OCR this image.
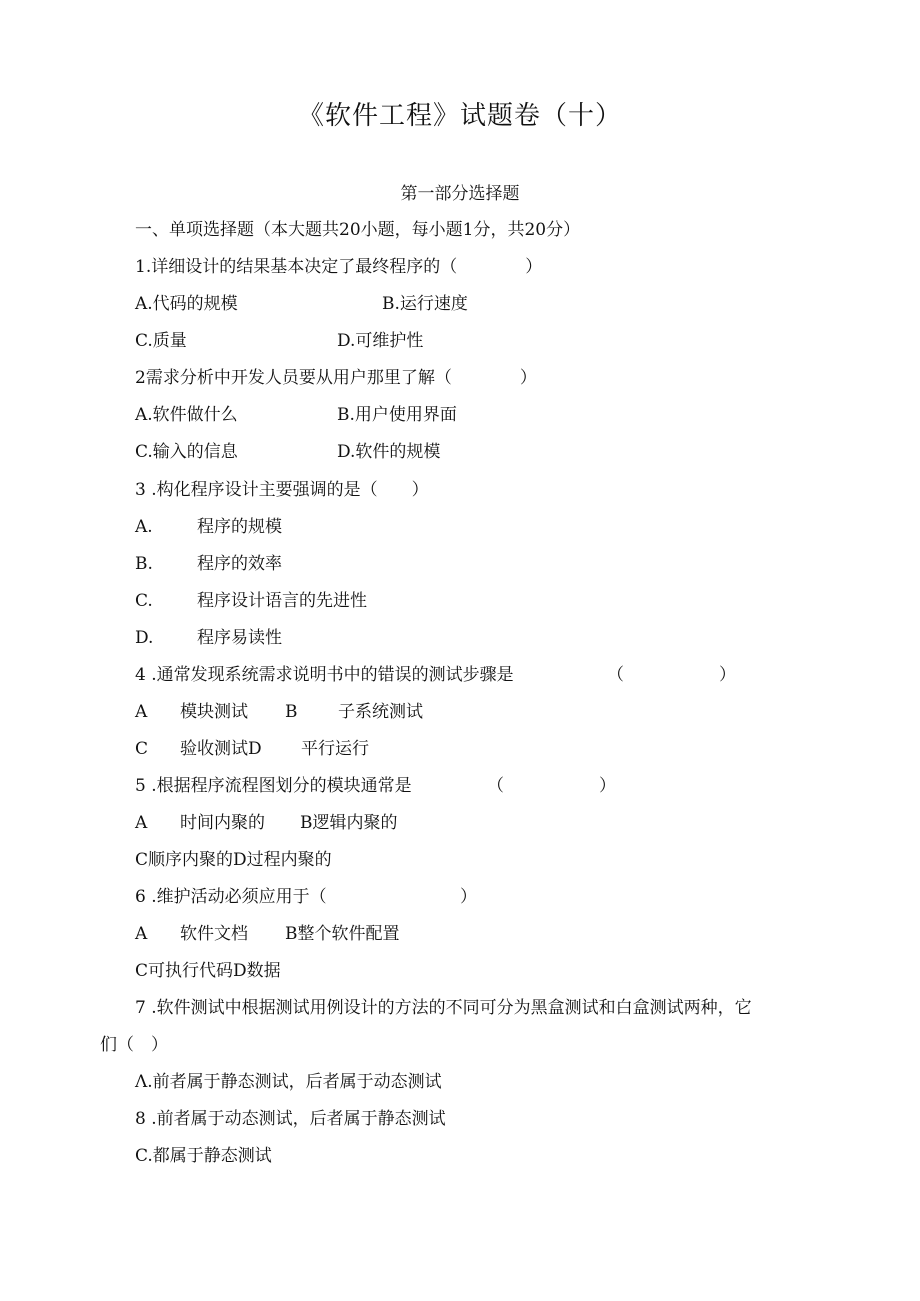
《软件工程》试题卷（十）
第一部分选择题
一、单项选择题（本大题共20小题，每小题1分，共20分）
1.详细设计的结果基本决定了最终程序的（　　　　）
A.代码的规模	B.运行速度
C.质量	D.可维护性
2需求分析中开发人员要从用户那里了解（　　　　）
A.软件做什么	B.用户使用界面
C.输入的信息	D.软件的规模
3 .构化程序设计主要强调的是（　　）
A.	程序的规模
B.	程序的效率
C.	程序设计语言的先进性
D.	程序易读性
4 .通常发现系统需求说明书中的错误的测试步骤是	（	）
A 模块测试 B 子系统测试
C 验收测试D 平行运行
5 .根据程序流程图划分的模块通常是	（	）
A 时间内聚的 B逻辑内聚的
C顺序内聚的D过程内聚的
6 .维护活动必须应用于（	）
A 软件文档 B整个软件配置
C可执行代码D数据
7 .软件测试中根据测试用例设计的方法的不同可分为黑盒测试和白盒测试两种，它
们（　）
Λ.前者属于静态测试，后者属于动态测试
8 .前者属于动态测试，后者属于静态测试
C.都属于静态测试
